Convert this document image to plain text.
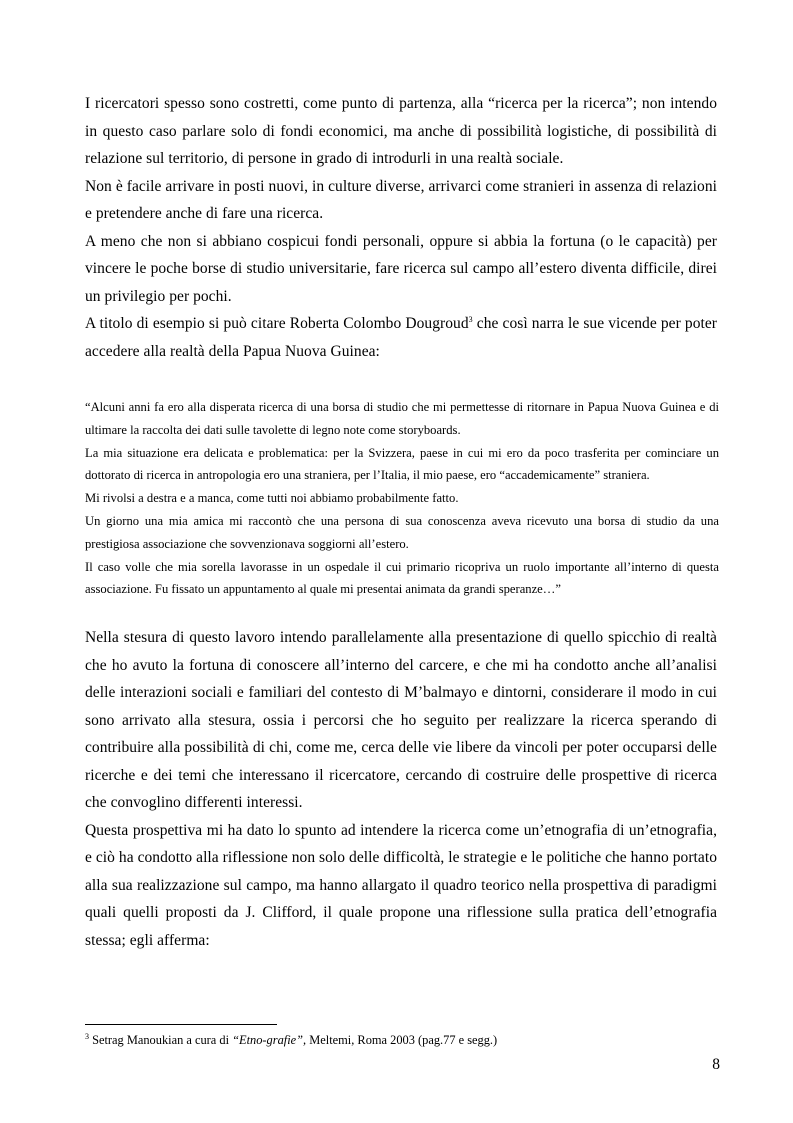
I ricercatori spesso sono costretti, come punto di partenza, alla “ricerca per la ricerca”; non intendo in questo caso parlare solo di fondi economici, ma anche di possibilità logistiche, di possibilità di relazione sul territorio, di persone in grado di introdurli in una realtà sociale.

Non è facile arrivare in posti nuovi, in culture diverse, arrivarci come stranieri in assenza di relazioni e pretendere anche di fare una ricerca.

A meno che non si abbiano cospicui fondi personali, oppure si abbia la fortuna (o le capacità) per vincere le poche borse di studio universitarie, fare ricerca sul campo all’estero diventa difficile, direi un privilegio per pochi.

A titolo di esempio si può citare Roberta Colombo Dougroud$^3$ che così narra le sue vicende per poter accedere alla realtà della Papua Nuova Guinea:

“Alcuni anni fa ero alla disperata ricerca di una borsa di studio che mi permettesse di ritornare in Papua Nuova Guinea e di ultimare la raccolta dei dati sulle tavolette di legno note come storyboards.

La mia situazione era delicata e problematica: per la Svizzera, paese in cui mi ero da poco trasferita per cominciare un dottorato di ricerca in antropologia ero una straniera, per l’Italia, il mio paese, ero “accademicamente” straniera.

Mi rivolsi a destra e a manca, come tutti noi abbiamo probabilmente fatto.

Un giorno una mia amica mi raccontò che una persona di sua conoscenza aveva ricevuto una borsa di studio da una prestigiosa associazione che sovvenzionava soggiorni all’estero.

Il caso volle che mia sorella lavorasse in un ospedale il cui primario ricopriva un ruolo importante all’interno di questa associazione. Fu fissato un appuntamento al quale mi presentai animata da grandi speranze…”

Nella stesura di questo lavoro intendo parallelamente alla presentazione di quello spicchio di realtà che ho avuto la fortuna di conoscere all’interno del carcere, e che mi ha condotto anche all’analisi delle interazioni sociali e familiari del contesto di M’balmayo e dintorni, considerare il modo in cui sono arrivato alla stesura, ossia i percorsi che ho seguito per realizzare la ricerca sperando di contribuire alla possibilità di chi, come me, cerca delle vie libere da vincoli per poter occuparsi delle ricerche e dei temi che interessano il ricercatore, cercando di costruire delle prospettive di ricerca che convoglino differenti interessi.

Questa prospettiva mi ha dato lo spunto ad intendere la ricerca come un’etnografia di un’etnografia, e ciò ha condotto alla riflessione non solo delle difficoltà, le strategie e le politiche che hanno portato alla sua realizzazione sul campo, ma hanno allargato il quadro teorico nella prospettiva di paradigmi quali quelli proposti da J. Clifford, il quale propone una riflessione sulla pratica dell’etnografia stessa; egli afferma:

$^3$ Setrag Manoukian a cura di “Etno-grafie”, Meltemi, Roma 2003 (pag.77 e segg.)
8
